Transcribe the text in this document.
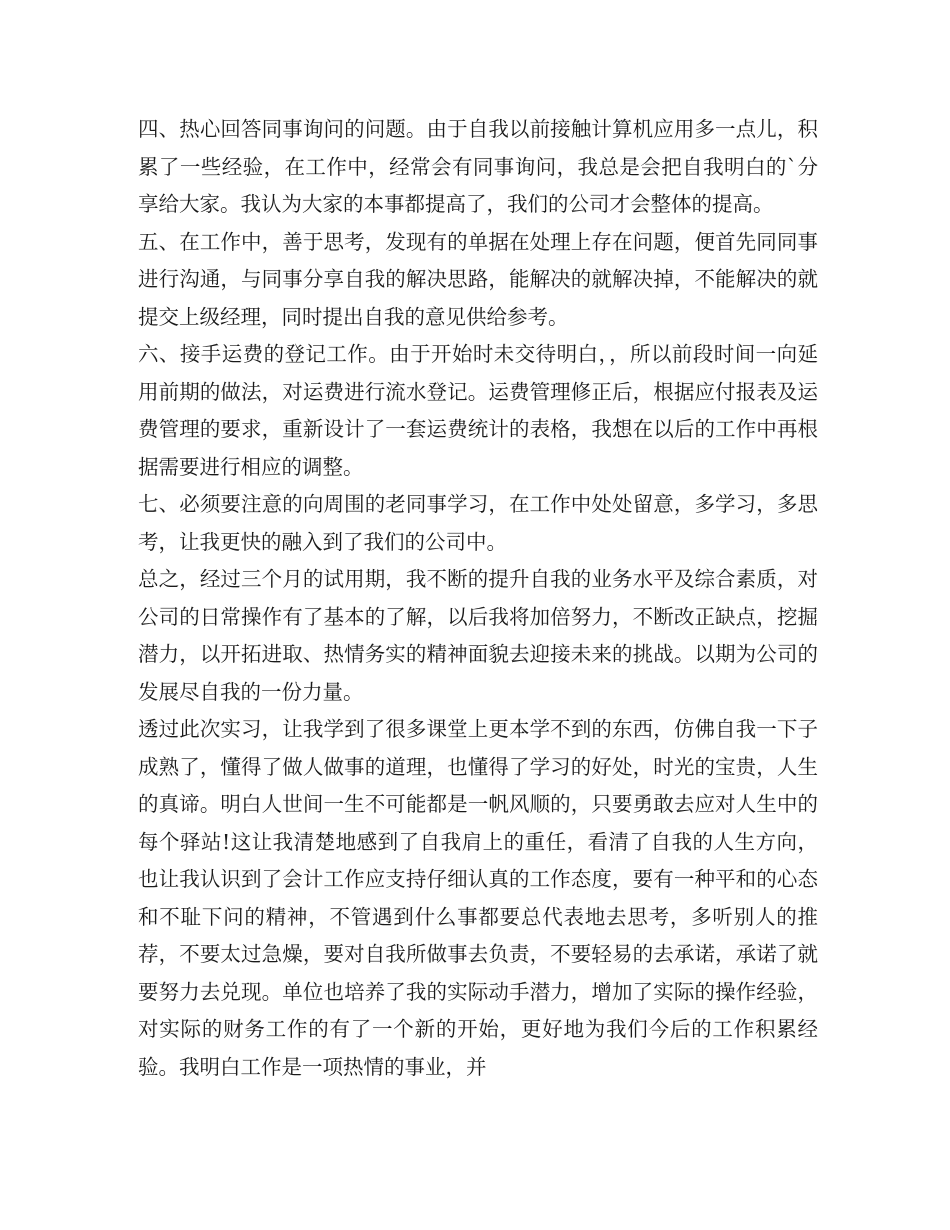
四、热心回答同事询问的问题。由于自我以前接触计算机应用多一点儿，积累了一些经验，在工作中，经常会有同事询问，我总是会把自我明白的`分享给大家。我认为大家的本事都提高了，我们的公司才会整体的提高。

五、在工作中，善于思考，发现有的单据在处理上存在问题，便首先同同事进行沟通，与同事分享自我的解决思路，能解决的就解决掉，不能解决的就提交上级经理，同时提出自我的意见供给参考。

六、接手运费的登记工作。由于开始时未交待明白，，所以前段时间一向延用前期的做法，对运费进行流水登记。运费管理修正后，根据应付报表及运费管理的要求，重新设计了一套运费统计的表格，我想在以后的工作中再根据需要进行相应的调整。

七、必须要注意的向周围的老同事学习，在工作中处处留意，多学习，多思考，让我更快的融入到了我们的公司中。

总之，经过三个月的试用期，我不断的提升自我的业务水平及综合素质，对公司的日常操作有了基本的了解，以后我将加倍努力，不断改正缺点，挖掘潜力，以开拓进取、热情务实的精神面貌去迎接未来的挑战。以期为公司的发展尽自我的一份力量。

透过此次实习，让我学到了很多课堂上更本学不到的东西，仿佛自我一下子成熟了，懂得了做人做事的道理，也懂得了学习的好处，时光的宝贵，人生的真谛。明白人世间一生不可能都是一帆风顺的，只要勇敢去应对人生中的每个驿站!这让我清楚地感到了自我肩上的重任，看清了自我的人生方向，也让我认识到了会计工作应支持仔细认真的工作态度，要有一种平和的心态和不耻下问的精神，不管遇到什么事都要总代表地去思考，多听别人的推荐，不要太过急燥，要对自我所做事去负责，不要轻易的去承诺，承诺了就要努力去兑现。单位也培养了我的实际动手潜力，增加了实际的操作经验，对实际的财务工作的有了一个新的开始，更好地为我们今后的工作积累经验。我明白工作是一项热情的事业，并
